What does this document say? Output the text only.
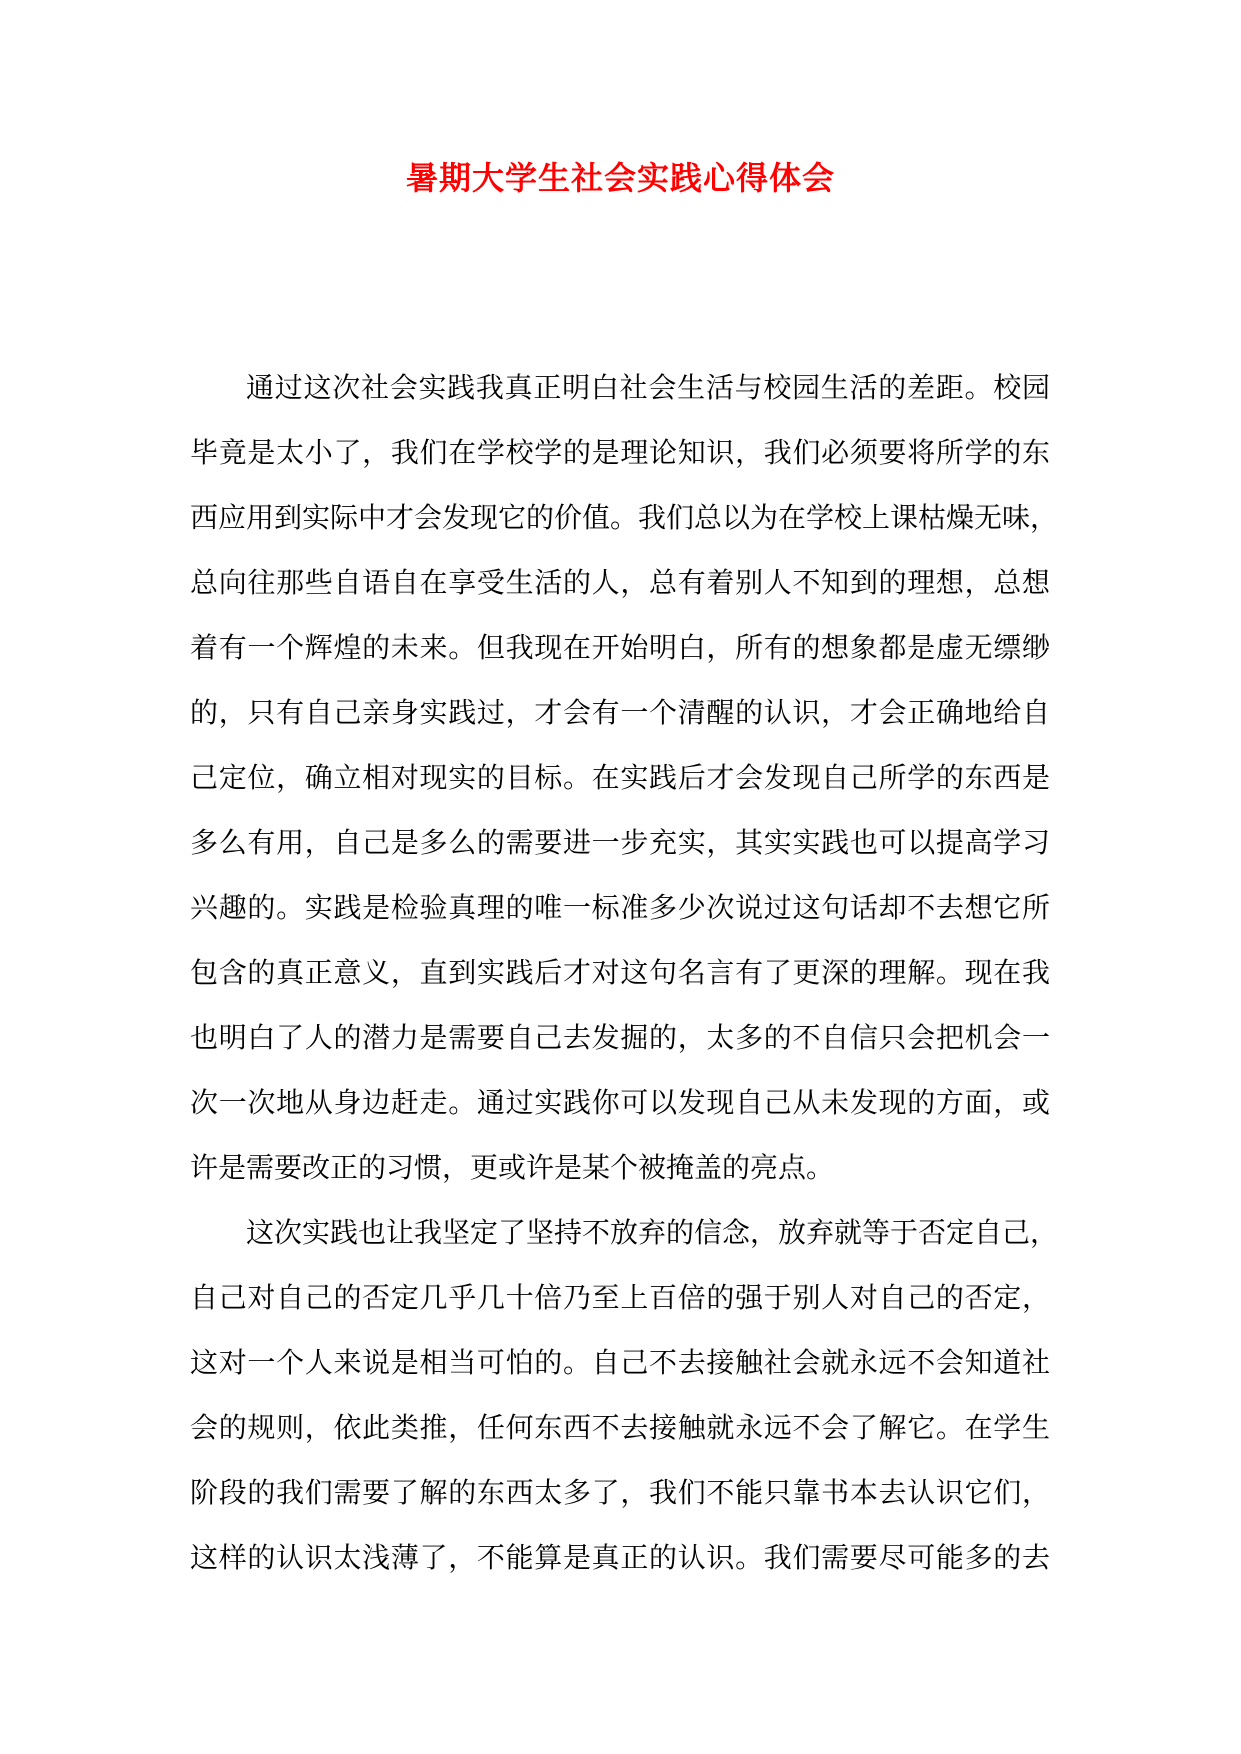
暑期大学生社会实践心得体会
通过这次社会实践我真正明白社会生活与校园生活的差距。校园
毕竟是太小了，我们在学校学的是理论知识，我们必须要将所学的东
西应用到实际中才会发现它的价值。我们总以为在学校上课枯燥无味，
总向往那些自语自在享受生活的人，总有着别人不知到的理想，总想
着有一个辉煌的未来。但我现在开始明白，所有的想象都是虚无缥缈
的，只有自己亲身实践过，才会有一个清醒的认识，才会正确地给自
己定位，确立相对现实的目标。在实践后才会发现自己所学的东西是
多么有用，自己是多么的需要进一步充实，其实实践也可以提高学习
兴趣的。实践是检验真理的唯一标准多少次说过这句话却不去想它所
包含的真正意义，直到实践后才对这句名言有了更深的理解。现在我
也明白了人的潜力是需要自己去发掘的，太多的不自信只会把机会一
次一次地从身边赶走。通过实践你可以发现自己从未发现的方面，或
许是需要改正的习惯，更或许是某个被掩盖的亮点。
这次实践也让我坚定了坚持不放弃的信念，放弃就等于否定自己，
自己对自己的否定几乎几十倍乃至上百倍的强于别人对自己的否定，
这对一个人来说是相当可怕的。自己不去接触社会就永远不会知道社
会的规则，依此类推，任何东西不去接触就永远不会了解它。在学生
阶段的我们需要了解的东西太多了，我们不能只靠书本去认识它们，
这样的认识太浅薄了，不能算是真正的认识。我们需要尽可能多的去
